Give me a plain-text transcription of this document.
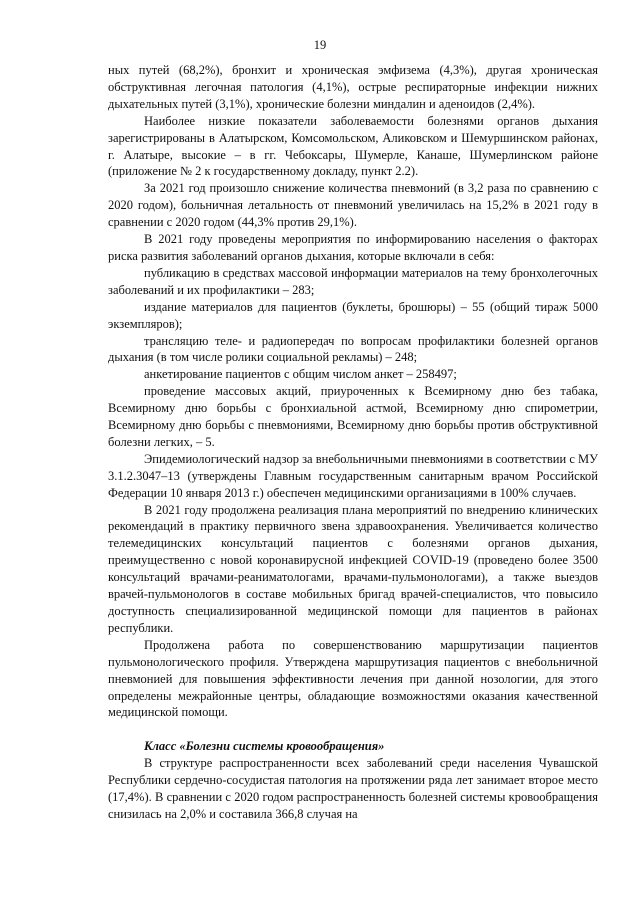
19

ных путей (68,2%), бронхит и хроническая эмфизема (4,3%), другая хроническая обструктивная легочная патология (4,1%), острые респираторные инфекции нижних дыхательных путей (3,1%), хронические болезни миндалин и аденоидов (2,4%).

Наиболее низкие показатели заболеваемости болезнями органов дыхания зарегистрированы в Алатырском, Комсомольском, Аликовском и Шемуршинском районах, г. Алатыре, высокие – в гг. Чебоксары, Шумерле, Канаше, Шумерлинском районе (приложение № 2 к государственному докладу, пункт 2.2).

За 2021 год произошло снижение количества пневмоний (в 3,2 раза по сравнению с 2020 годом), больничная летальность от пневмоний увеличилась на 15,2% в 2021 году в сравнении с 2020 годом (44,3% против 29,1%).

В 2021 году проведены мероприятия по информированию населения о факторах риска развития заболеваний органов дыхания, которые включали в себя:

публикацию в средствах массовой информации материалов на тему бронхолегочных заболеваний и их профилактики – 283;

издание материалов для пациентов (буклеты, брошюры) – 55 (общий тираж 5000 экземпляров);

трансляцию теле- и радиопередач по вопросам профилактики болезней органов дыхания (в том числе ролики социальной рекламы) – 248;

анкетирование пациентов с общим числом анкет – 258497;

проведение массовых акций, приуроченных к Всемирному дню без табака, Всемирному дню борьбы с бронхиальной астмой, Всемирному дню спирометрии, Всемирному дню борьбы с пневмониями, Всемирному дню борьбы против обструктивной болезни легких, – 5.

Эпидемиологический надзор за внебольничными пневмониями в соответствии с МУ 3.1.2.3047–13 (утверждены Главным государственным санитарным врачом Российской Федерации 10 января 2013 г.) обеспечен медицинскими организациями в 100% случаев.

В 2021 году продолжена реализация плана мероприятий по внедрению клинических рекомендаций в практику первичного звена здравоохранения. Увеличивается количество телемедицинских консультаций пациентов с болезнями органов дыхания, преимущественно с новой коронавирусной инфекцией COVID-19 (проведено более 3500 консультаций врачами-реаниматологами, врачами-пульмонологами), а также выездов врачей-пульмонологов в составе мобильных бригад врачей-специалистов, что повысило доступность специализированной медицинской помощи для пациентов в районах республики.

Продолжена работа по совершенствованию маршрутизации пациентов пульмонологического профиля. Утверждена маршрутизация пациентов с внебольничной пневмонией для повышения эффективности лечения при данной нозологии, для этого определены межрайонные центры, обладающие возможностями оказания качественной медицинской помощи.

Класс «Болезни системы кровообращения»

В структуре распространенности всех заболеваний среди населения Чувашской Республики сердечно-сосудистая патология на протяжении ряда лет занимает второе место (17,4%). В сравнении с 2020 годом распространенность болезней системы кровообращения снизилась на 2,0% и составила 366,8 случая на
